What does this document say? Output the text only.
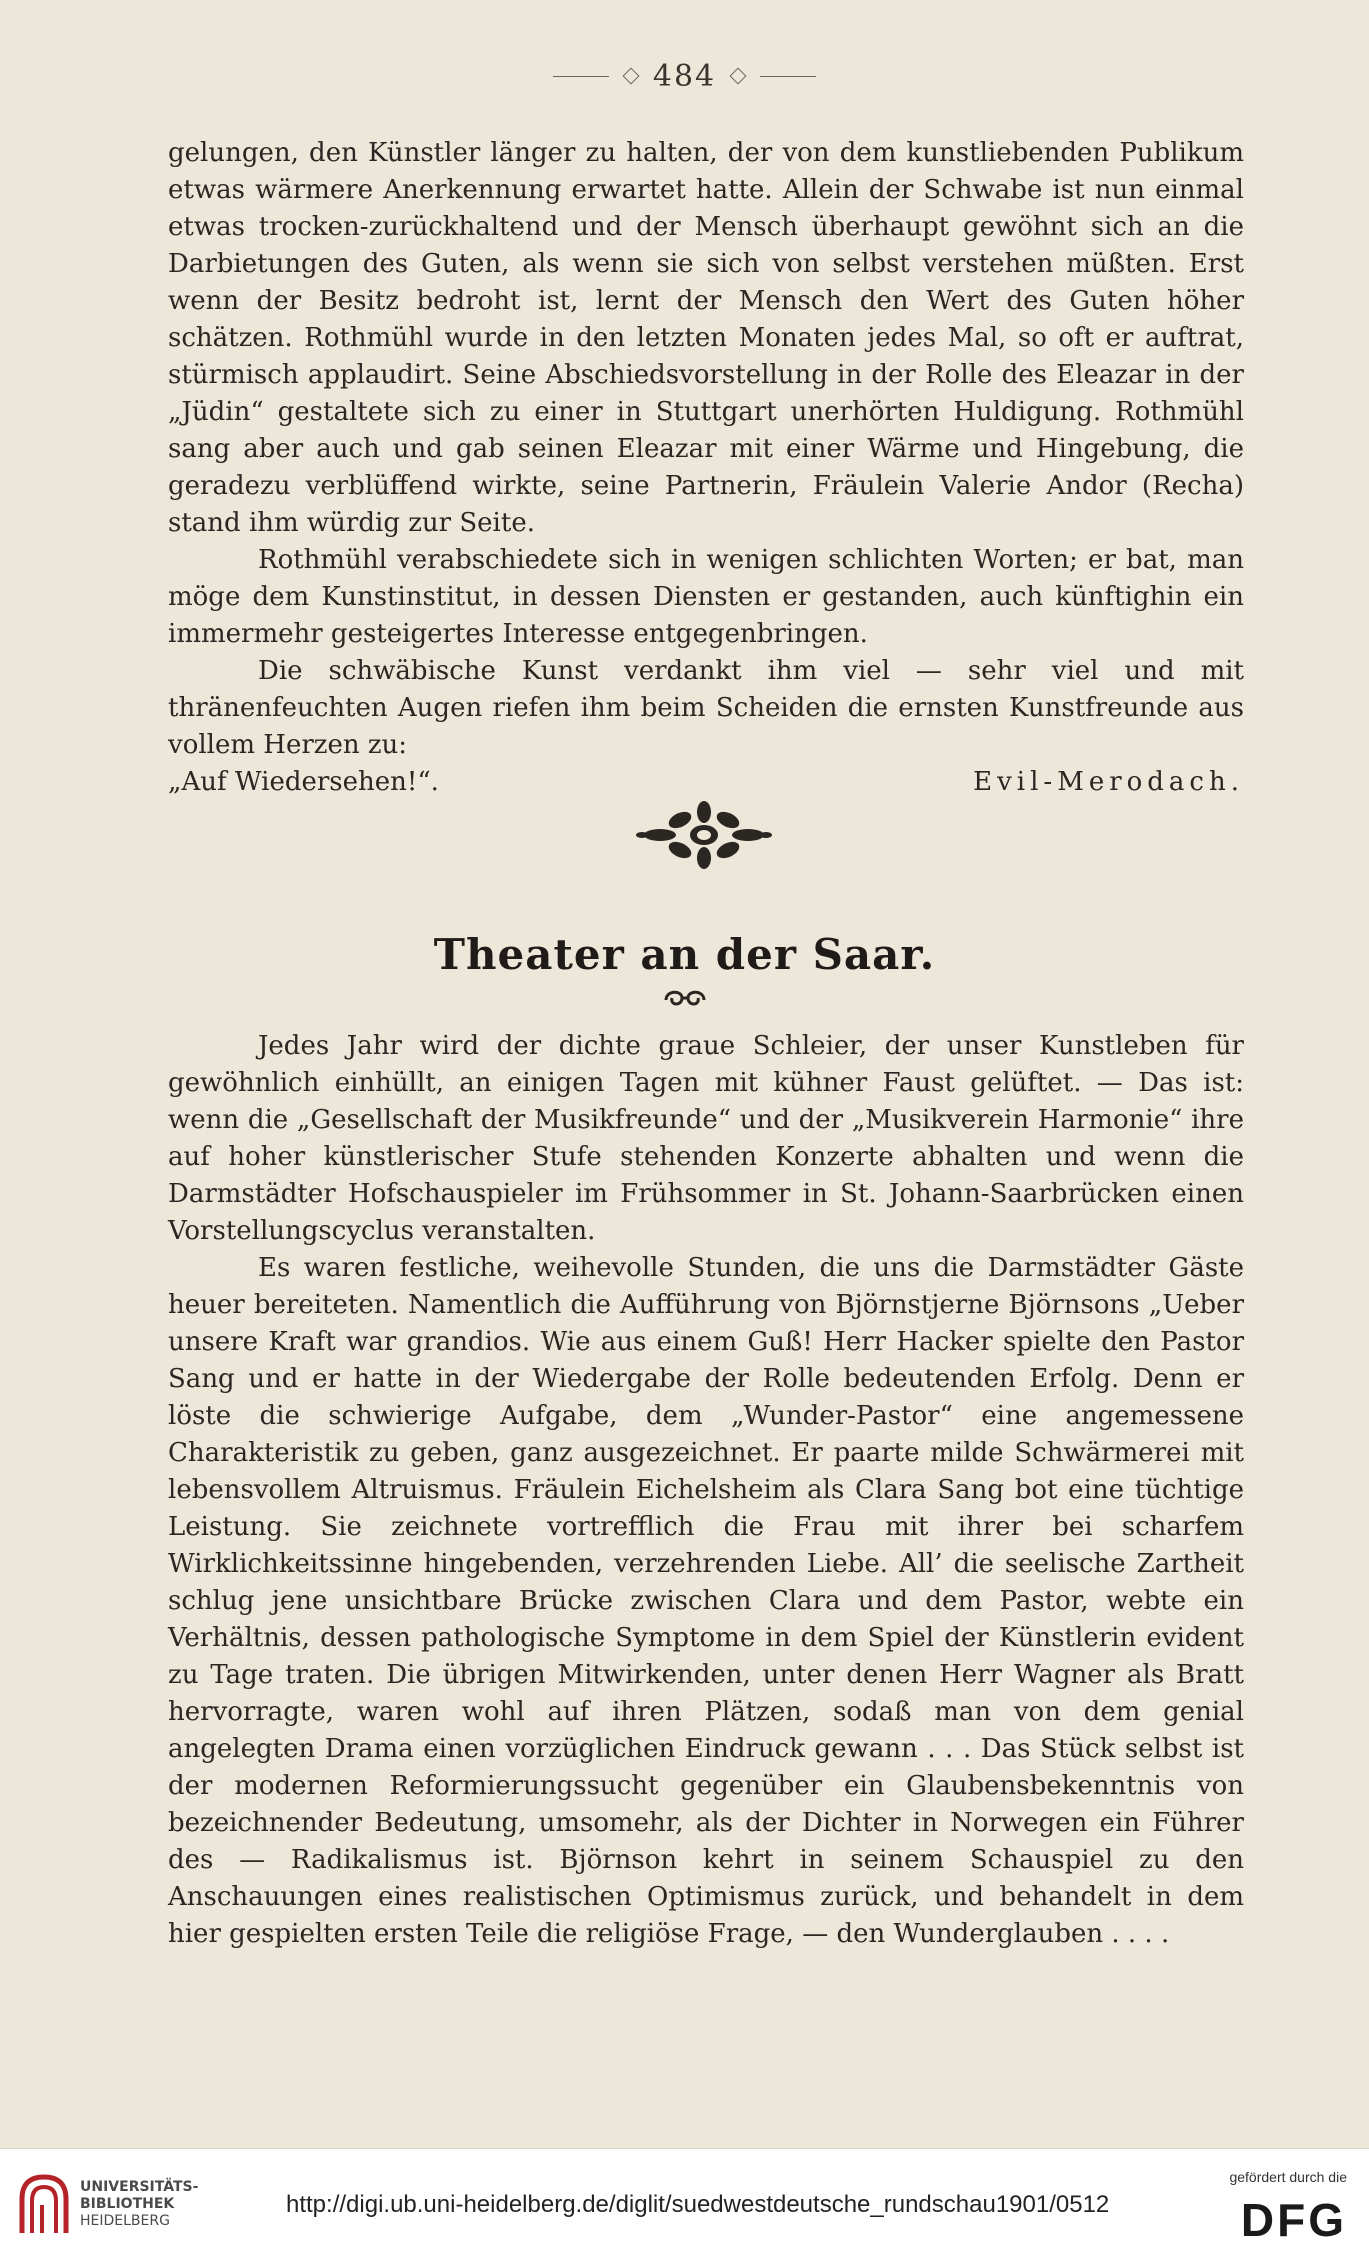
484

gelungen, den Künstler länger zu halten, der von dem kunstliebenden Publikum etwas wärmere Anerkennung erwartet hatte. Allein der Schwabe ist nun einmal etwas trocken-zurückhaltend und der Mensch überhaupt gewöhnt sich an die Darbietungen des Guten, als wenn sie sich von selbst verstehen müßten. Erst wenn der Besitz bedroht ist, lernt der Mensch den Wert des Guten höher schätzen. Rothmühl wurde in den letzten Monaten jedes Mal, so oft er auftrat, stürmisch applaudirt. Seine Abschiedsvorstellung in der Rolle des Eleazar in der „Jüdin“ gestaltete sich zu einer in Stuttgart unerhörten Huldigung. Rothmühl sang aber auch und gab seinen Eleazar mit einer Wärme und Hingebung, die geradezu verblüffend wirkte, seine Partnerin, Fräulein Valerie Andor (Recha) stand ihm würdig zur Seite.

Rothmühl verabschiedete sich in wenigen schlichten Worten; er bat, man möge dem Kunstinstitut, in dessen Diensten er gestanden, auch künftighin ein immermehr gesteigertes Interesse entgegenbringen.

Die schwäbische Kunst verdankt ihm viel — sehr viel und mit thränenfeuchten Augen riefen ihm beim Scheiden die ernsten Kunstfreunde aus vollem Herzen zu:

„Auf Wiedersehen!“.	Evil-Merodach.
Theater an der Saar.

Jedes Jahr wird der dichte graue Schleier, der unser Kunstleben für gewöhnlich einhüllt, an einigen Tagen mit kühner Faust gelüftet. — Das ist: wenn die „Gesellschaft der Musikfreunde“ und der „Musikverein Harmonie“ ihre auf hoher künstlerischer Stufe stehenden Konzerte abhalten und wenn die Darmstädter Hofschauspieler im Frühsommer in St. Johann-Saarbrücken einen Vorstellungscyclus veranstalten.

Es waren festliche, weihevolle Stunden, die uns die Darmstädter Gäste heuer bereiteten. Namentlich die Aufführung von Björnstjerne Björnsons „Ueber unsere Kraft war grandios. Wie aus einem Guß! Herr Hacker spielte den Pastor Sang und er hatte in der Wiedergabe der Rolle bedeutenden Erfolg. Denn er löste die schwierige Aufgabe, dem „Wunder-Pastor“ eine angemessene Charakteristik zu geben, ganz ausgezeichnet. Er paarte milde Schwärmerei mit lebensvollem Altruismus. Fräulein Eichelsheim als Clara Sang bot eine tüchtige Leistung. Sie zeichnete vortrefflich die Frau mit ihrer bei scharfem Wirklichkeitssinne hingebenden, verzehrenden Liebe. All’ die seelische Zartheit schlug jene unsichtbare Brücke zwischen Clara und dem Pastor, webte ein Verhältnis, dessen pathologische Symptome in dem Spiel der Künstlerin evident zu Tage traten. Die übrigen Mitwirkenden, unter denen Herr Wagner als Bratt hervorragte, waren wohl auf ihren Plätzen, sodaß man von dem genial angelegten Drama einen vorzüglichen Eindruck gewann . . . Das Stück selbst ist der modernen Reformierungssucht gegenüber ein Glaubensbekenntnis von bezeichnender Bedeutung, umsomehr, als der Dichter in Norwegen ein Führer des — Radikalismus ist. Björnson kehrt in seinem Schauspiel zu den Anschauungen eines realistischen Optimismus zurück, und behandelt in dem hier gespielten ersten Teile die religiöse Frage, — den Wunderglauben . . . .

UNIVERSITÄTS-
BIBLIOTHEK
HEIDELBERG
http://digi.ub.uni-heidelberg.de/diglit/suedwestdeutsche_rundschau1901/0512
gefördert durch die
DFG
